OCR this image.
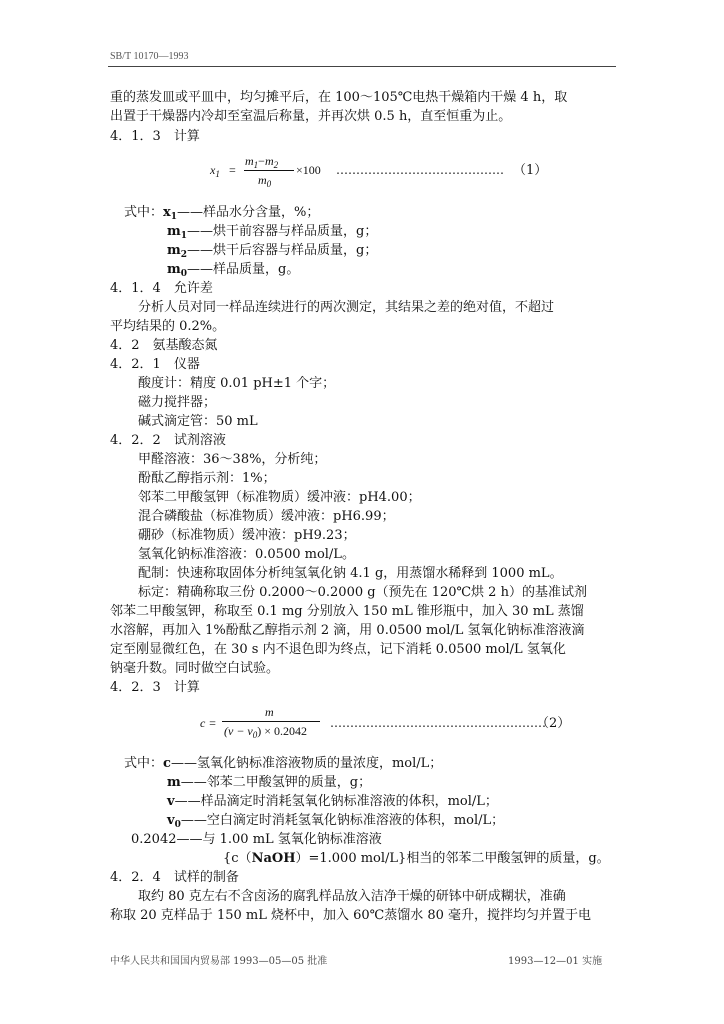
SB/T 10170—1993
重的蒸发皿或平皿中，均匀摊平后，在 100～105℃电热干燥箱内干燥 4 h，取
出置于干燥器内冷却至室温后称量，并再次烘 0.5 h，直至恒重为止。
4．1．3　计算
$x_1$ =
$m_1-m_2$
$m_0$
×100 …………………………………… （1）
式中：$x_1——$样品水分含量，%；
$m_1——$烘干前容器与样品质量，g；
$m_2——$烘干后容器与样品质量，g；
$m_0——$样品质量，g。
4．1．4　允许差
分析人员对同一样品连续进行的两次测定，其结果之差的绝对值，不超过
平均结果的 0.2%。
4．2　氨基酸态氮
4．2．1　仪器
酸度计：精度 0.01 pH±1 个字；
磁力搅拌器；
碱式滴定管：50 mL
4．2．2　试剂溶液
甲醛溶液：36～38%，分析纯；
酚酞乙醇指示剂：1%；
邻苯二甲酸氢钾（标准物质）缓冲液：pH4.00；
混合磷酸盐（标准物质）缓冲液：pH6.99；
硼砂（标准物质）缓冲液：pH9.23；
氢氧化钠标准溶液：0.0500 mol/L。
配制：快速称取固体分析纯氢氧化钠 4.1 g，用蒸馏水稀释到 1000 mL。
标定：精确称取三份 0.2000～0.2000 g（预先在 120℃烘 2 h）的基准试剂
邻苯二甲酸氢钾，称取至 0.1 mg 分别放入 150 mL 锥形瓶中，加入 30 mL 蒸馏
水溶解，再加入 1%酚酞乙醇指示剂 2 滴，用 0.0500 mol/L 氢氧化钠标准溶液滴
定至刚显微红色，在 30 s 内不退色即为终点，记下消耗 0.0500 mol/L 氢氧化
钠毫升数。同时做空白试验。
4．2．3　计算
c =
m
$(v - v_0) \times 0.2042$
………………………………………………
（2）
式中：c——氢氧化钠标准溶液物质的量浓度，mol/L；
m——邻苯二甲酸氢钾的质量，g；
v——样品滴定时消耗氢氧化钠标准溶液的体积，mol/L；
$v_0——$空白滴定时消耗氢氧化钠标准溶液的体积，mol/L；
0.2042——与 1.00 mL 氢氧化钠标准溶液
{c（NaOH）=1.000 mol/L}相当的邻苯二甲酸氢钾的质量，g。
4．2．4　试样的制备
取约 80 克左右不含卤汤的腐乳样品放入洁净干燥的研钵中研成糊状，准确
称取 20 克样品于 150 mL 烧杯中，加入 60℃蒸馏水 80 毫升，搅拌均匀并置于电
中华人民共和国国内贸易部 1993—05—05 批准	1993—12—01 实施
